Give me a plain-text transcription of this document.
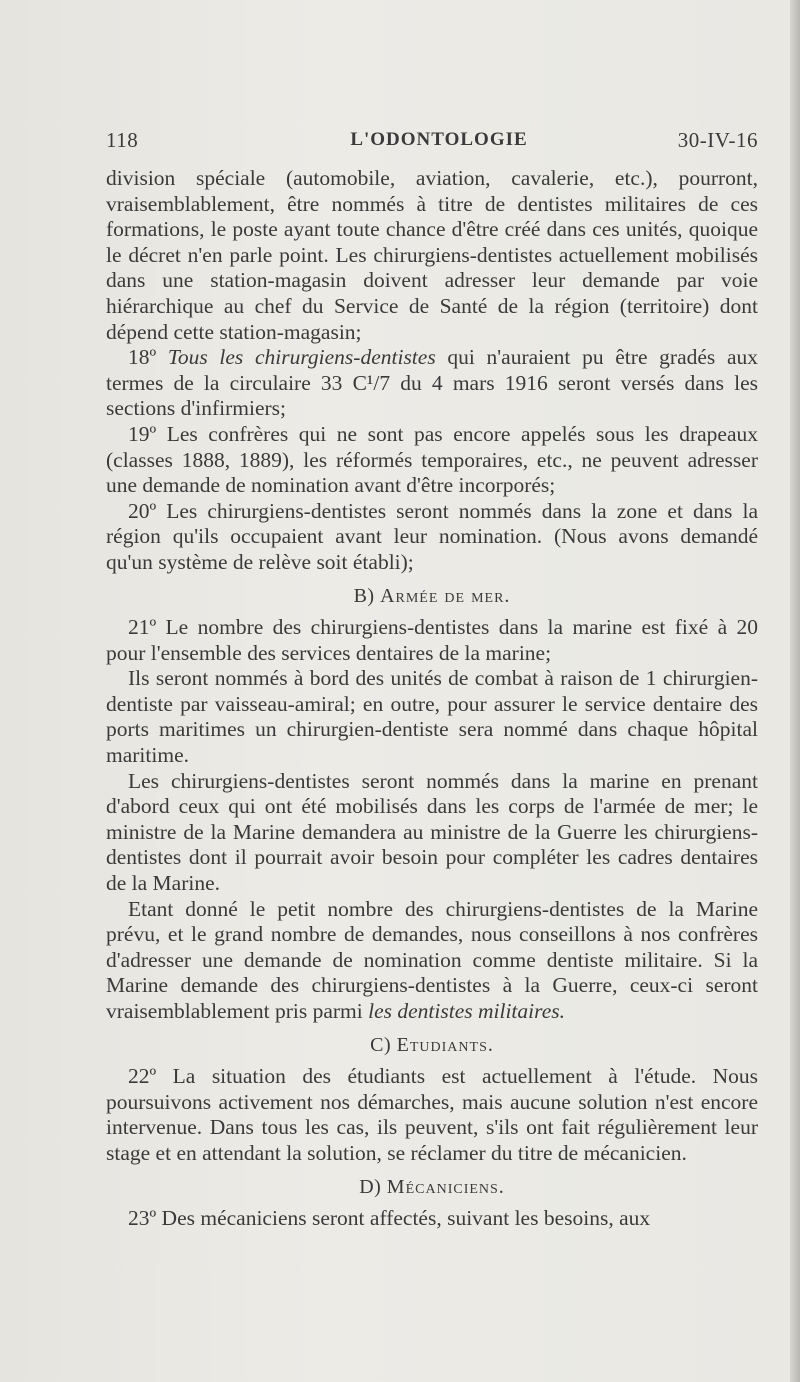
118	L'ODONTOLOGIE	30-IV-16

division spéciale (automobile, aviation, cavalerie, etc.), pourront, vraisemblablement, être nommés à titre de dentistes militaires de ces formations, le poste ayant toute chance d'être créé dans ces unités, quoique le décret n'en parle point. Les chirurgiens-dentistes actuellement mobilisés dans une station-magasin doivent adresser leur demande par voie hiérarchique au chef du Service de Santé de la région (territoire) dont dépend cette station-magasin;

18º Tous les chirurgiens-dentistes qui n'auraient pu être gradés aux termes de la circulaire 33 C¹/7 du 4 mars 1916 seront versés dans les sections d'infirmiers;

19º Les confrères qui ne sont pas encore appelés sous les drapeaux (classes 1888, 1889), les réformés temporaires, etc., ne peuvent adresser une demande de nomination avant d'être incorporés;

20º Les chirurgiens-dentistes seront nommés dans la zone et dans la région qu'ils occupaient avant leur nomination. (Nous avons demandé qu'un système de relève soit établi);

B) Armée de mer.

21º Le nombre des chirurgiens-dentistes dans la marine est fixé à 20 pour l'ensemble des services dentaires de la marine;

Ils seront nommés à bord des unités de combat à raison de 1 chirurgien-dentiste par vaisseau-amiral; en outre, pour assurer le service dentaire des ports maritimes un chirurgien-dentiste sera nommé dans chaque hôpital maritime.

Les chirurgiens-dentistes seront nommés dans la marine en prenant d'abord ceux qui ont été mobilisés dans les corps de l'armée de mer; le ministre de la Marine demandera au ministre de la Guerre les chirurgiens-dentistes dont il pourrait avoir besoin pour compléter les cadres dentaires de la Marine.

Etant donné le petit nombre des chirurgiens-dentistes de la Marine prévu, et le grand nombre de demandes, nous conseillons à nos confrères d'adresser une demande de nomination comme dentiste militaire. Si la Marine demande des chirurgiens-dentistes à la Guerre, ceux-ci seront vraisemblablement pris parmi les dentistes militaires.

C) Etudiants.

22º La situation des étudiants est actuellement à l'étude. Nous poursuivons activement nos démarches, mais aucune solution n'est encore intervenue. Dans tous les cas, ils peuvent, s'ils ont fait régulièrement leur stage et en attendant la solution, se réclamer du titre de mécanicien.

D) Mécaniciens.

23º Des mécaniciens seront affectés, suivant les besoins, aux
